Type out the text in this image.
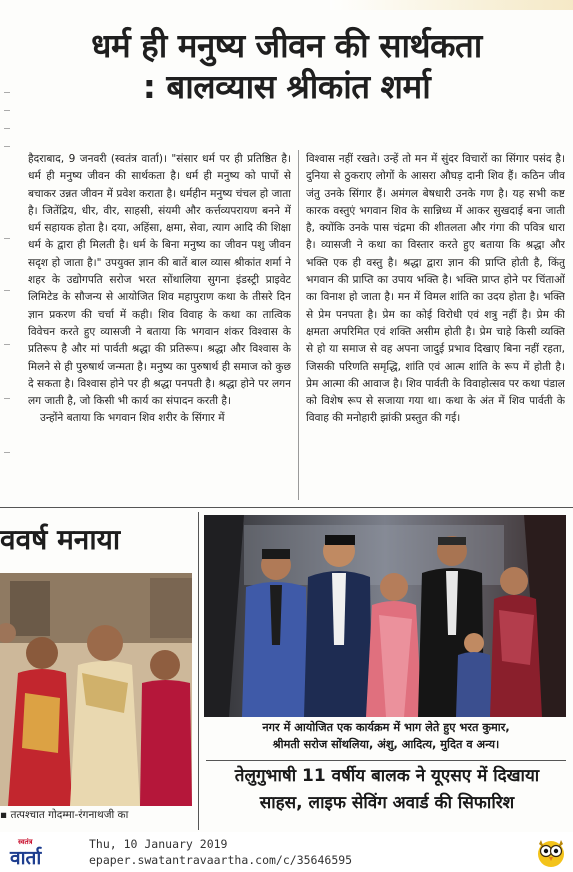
धर्म ही मनुष्य जीवन की सार्थकता
: बालव्यास श्रीकांत शर्मा

हैदराबाद, 9 जनवरी (स्वतंत्र वार्ता)। "संसार धर्म पर ही प्रतिष्ठित है। धर्म ही मनुष्य जीवन की सार्थकता है। धर्म ही मनुष्य को पापों से बचाकर उन्नत जीवन में प्रवेश कराता है। धर्महीन मनुष्य चंचल हो जाता है। जितेंद्रिय, धीर, वीर, साहसी, संयमी और कर्त्तव्यपरायण बनने में धर्म सहायक होता है। दया, अहिंसा, क्षमा, सेवा, त्याग आदि की शिक्षा धर्म के द्वारा ही मिलती है। धर्म के बिना मनुष्य का जीवन पशु जीवन सदृश हो जाता है।" उपयुक्त ज्ञान की बातें बाल व्यास श्रीकांत शर्मा ने शहर के उद्योगपति सरोज भरत सोंथालिया सुगना इंडस्ट्री प्राइवेट लिमिटेड के सौजन्य से आयोजित शिव महापुराण कथा के तीसरे दिन ज्ञान प्रकरण की चर्चा में कही। शिव विवाह के कथा का तात्विक विवेचन करते हुए व्यासजी ने बताया कि भगवान शंकर विश्वास के प्रतिरूप है और मां पार्वती श्रद्धा की प्रतिरूप। श्रद्धा और विश्वास के मिलने से ही पुरुषार्थ जन्मता है। मनुष्य का पुरुषार्थ ही समाज को कुछ दे सकता है। विश्वास होने पर ही श्रद्धा पनपती है। श्रद्धा होने पर लगन लग जाती है, जो किसी भी कार्य का संपादन करती है।

उन्होंने बताया कि भगवान शिव शरीर के सिंगार में

विश्वास नहीं रखते। उन्हें तो मन में सुंदर विचारों का सिंगार पसंद है। दुनिया से ठुकराए लोगों के आसरा औघड़ दानी शिव हैं। कठिन जीव जंतु उनके सिंगार हैं। अमंगल बेषधारी उनके गण है। यह सभी कष्ट कारक वस्तुएं भगवान शिव के सान्निध्य में आकर सुखदाई बना जाती है, क्योंकि उनके पास चंद्रमा की शीतलता और गंगा की पवित्र धारा है। व्यासजी ने कथा का विस्तार करते हुए बताया कि श्रद्धा और भक्ति एक ही वस्तु है। श्रद्धा द्वारा ज्ञान की प्राप्ति होती है, किंतु भगवान की प्राप्ति का उपाय भक्ति है। भक्ति प्राप्त होने पर चिंताओं का विनाश हो जाता है। मन में विमल शांति का उदय होता है। भक्ति से प्रेम पनपता है। प्रेम का कोई विरोधी एवं शत्रु नहीं है। प्रेम की क्षमता अपरिमित एवं शक्ति असीम होती है। प्रेम चाहे किसी व्यक्ति से हो या समाज से वह अपना जादुई प्रभाव दिखाए बिना नहीं रहता, जिसकी परिणति समृद्धि, शांति एवं आत्म शांति के रूप में होती है। प्रेम आत्मा की आवाज है। शिव पार्वती के विवाहोत्सव पर कथा पंडाल को विशेष रूप से सजाया गया था। कथा के अंत में शिव पार्वती के विवाह की मनोहारी झांकी प्रस्तुत की गई।

ववर्ष मनाया
▪ तत्पश्चात गोदम्मा-रंगनाथजी का
नगर में आयोजित एक कार्यक्रम में भाग लेते हुए भरत कुमार,
श्रीमती सरोज सोंथलिया, अंशु, आदित्य, मुदित व अन्य।
तेलुगुभाषी 11 वर्षीय बालक ने यूएसए में दिखाया
साहस, लाइफ सेविंग अवार्ड की सिफारिश
स्वतंत्र
वार्ता
Thu, 10 January 2019
epaper.swatantravaartha.com/c/35646595
